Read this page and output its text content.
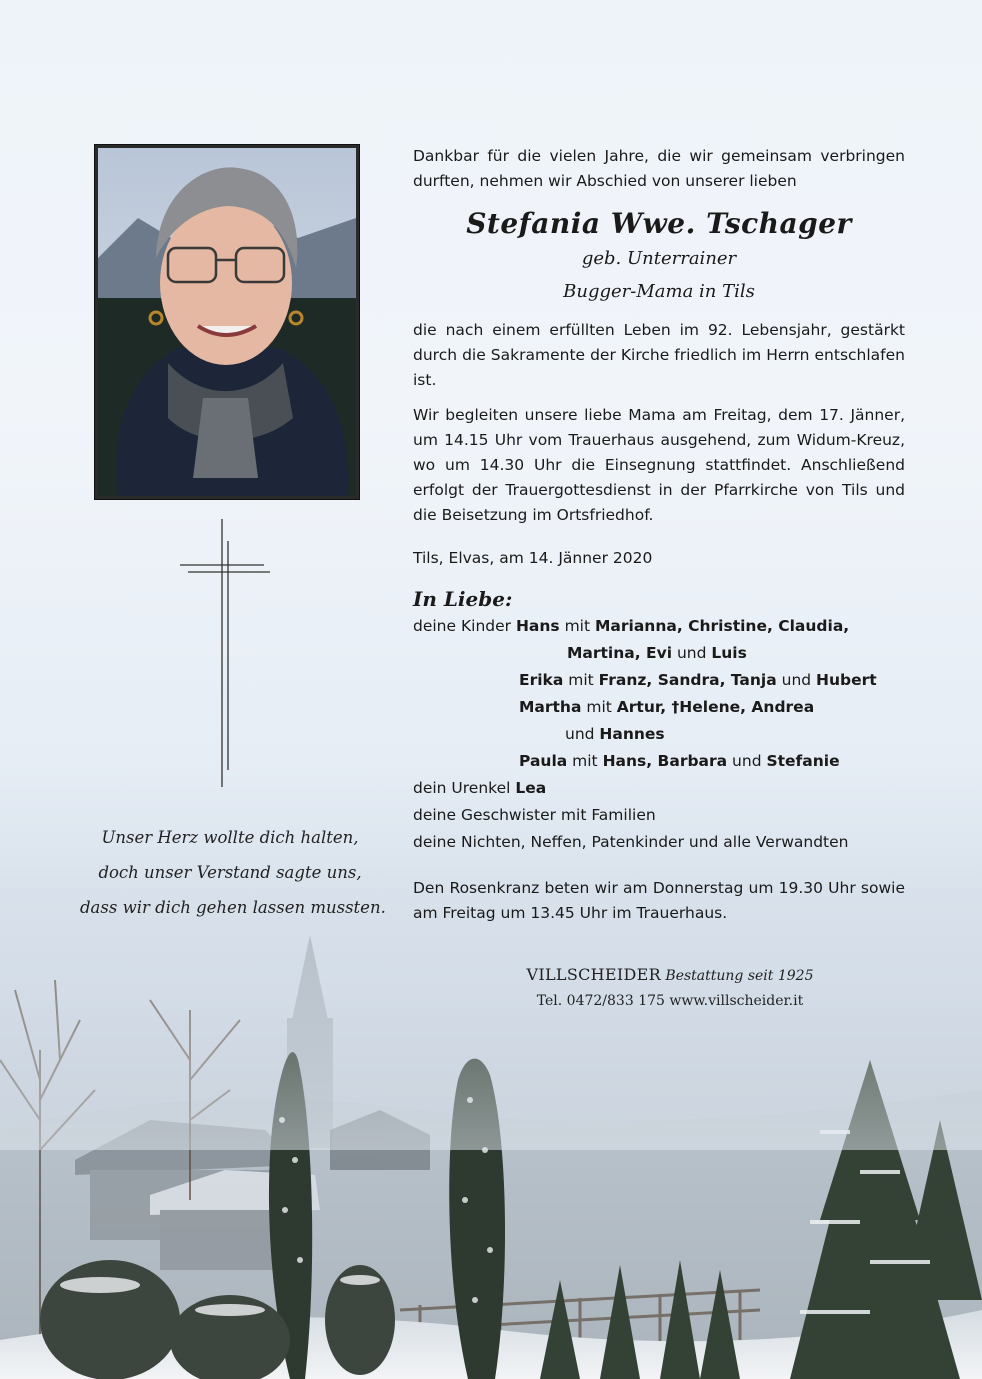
Unser Herz wollte dich halten,
doch unser Verstand sagte uns,
dass wir dich gehen lassen mussten.
Dankbar für die vielen Jahre, die wir gemeinsam verbringen durften, nehmen wir Abschied von unserer lieben
Stefania Wwe. Tschager
geb. Unterrainer
Bugger-Mama in Tils
die nach einem erfüllten Leben im 92. Lebensjahr, gestärkt durch die Sakramente der Kirche friedlich im Herrn entschlafen ist.
Wir begleiten unsere liebe Mama am Freitag, dem 17. Jänner, um 14.15 Uhr vom Trauerhaus ausgehend, zum Widum-Kreuz, wo um 14.30 Uhr die Einsegnung stattfindet. Anschließend erfolgt der Trauergottesdienst in der Pfarrkirche von Tils und die Beisetzung im Ortsfriedhof.
Tils, Elvas, am 14. Jänner 2020
In Liebe:
deine Kinder Hans mit Marianna, Christine, Claudia,
Martina, Evi und Luis
Erika mit Franz, Sandra, Tanja und Hubert
Martha mit Artur, †Helene, Andrea
und Hannes
Paula mit Hans, Barbara und Stefanie
dein Urenkel Lea
deine Geschwister mit Familien
deine Nichten, Neffen, Patenkinder und alle Verwandten
Den Rosenkranz beten wir am Donnerstag um 19.30 Uhr sowie am Freitag um 13.45 Uhr im Trauerhaus.
VILLSCHEIDER Bestattung seit 1925
Tel. 0472/833 175 www.villscheider.it
